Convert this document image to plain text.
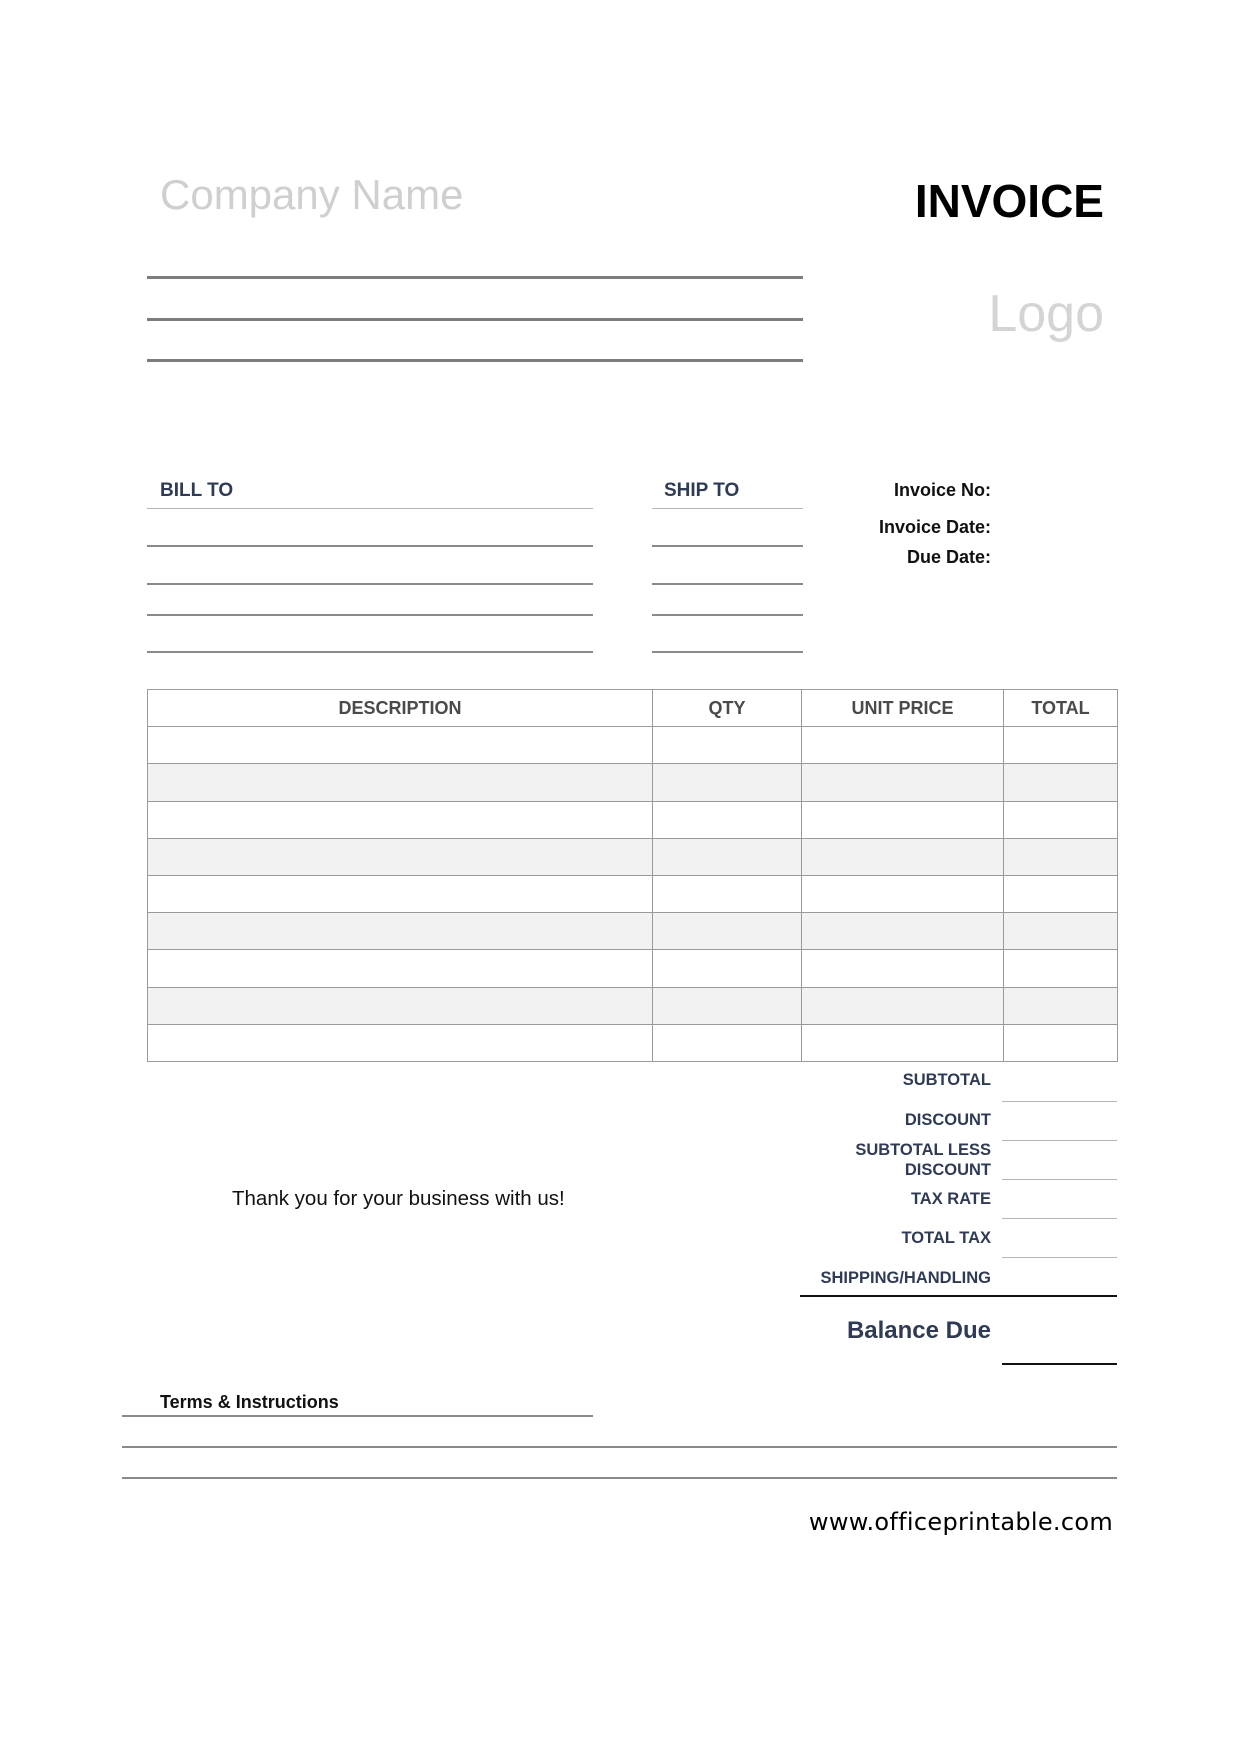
Company Name	INVOICE
Logo
BILL TO	SHIP TO	Invoice No:
Invoice Date:
Due Date:
DESCRIPTION	QTY	UNIT PRICE	TOTAL

SUBTOTAL
DISCOUNT
SUBTOTAL LESS
DISCOUNT
TAX RATE
TOTAL TAX
SHIPPING/HANDLING
Balance Due
Thank you for your business with us!
Terms & Instructions
www.officeprintable.com
